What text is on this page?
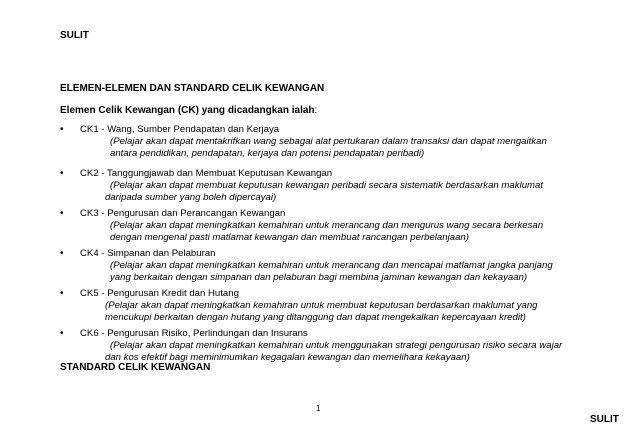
SULIT
ELEMEN-ELEMEN DAN STANDARD CELIK KEWANGAN
Elemen Celik Kewangan (CK) yang dicadangkan ialah:
•	CK1 - Wang, Sumber Pendapatan dan Kerjaya
(Pelajar akan dapat mentakrifkan wang sebagai alat pertukaran dalam transaksi dan dapat mengaitkan
antara pendidikan, pendapatan, kerjaya dan potensi pendapatan peribadi)
•	CK2 - Tanggungjawab dan Membuat Keputusan Kewangan
(Pelajar akan dapat membuat keputusan kewangan peribadi secara sistematik berdasarkan maklumat
daripada sumber yang boleh dipercayai)
•	CK3 - Pengurusan dan Perancangan Kewangan
(Pelajar akan dapat meningkatkan kemahiran untuk merancang dan mengurus wang secara berkesan
dengan mengenal pasti matlamat kewangan dan membuat rancangan perbelanjaan)
•	CK4 - Simpanan dan Pelaburan
(Pelajar akan dapat meningkatkan kemahiran untuk merancang dan mencapai matlamat jangka panjang
yang berkaitan dengan simpanan dan pelaburan bagi membina jaminan kewangan dan kekayaan)
•	CK5 - Pengurusan Kredit dan Hutang
(Pelajar akan dapat meningkatkan kemahiran untuk membuat keputusan berdasarkan maklumat yang
mencukupi berkaitan dengan hutang yang ditanggung dan dapat mengekalkan kepercayaan kredit)
•	CK6 - Pengurusan Risiko, Perlindungan dan Insurans
(Pelajar akan dapat meningkatkan kemahiran untuk menggunakan strategi pengurusan risiko secara wajar
dan kos efektif bagi meminimumkan kegagalan kewangan dan memelihara kekayaan)
STANDARD CELIK KEWANGAN
1
SULIT
